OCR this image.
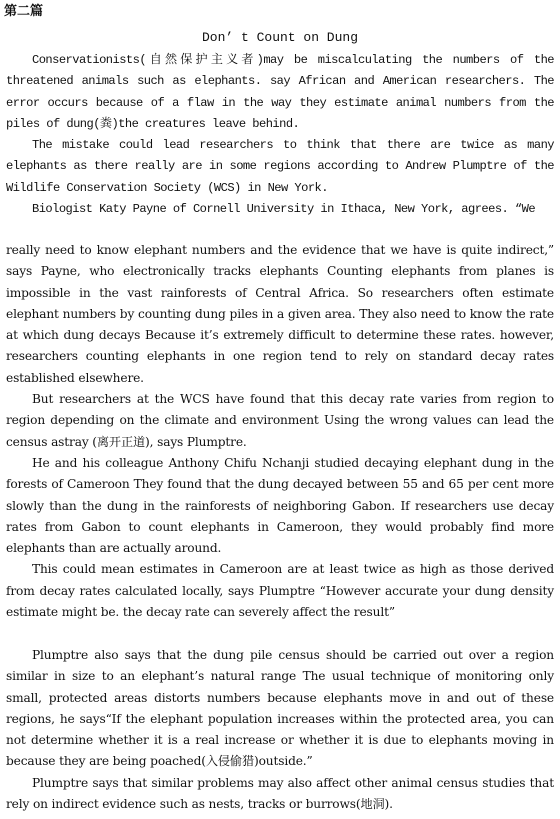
第二篇
Don’ t Count on Dung

Conservationists(自然保护主义者)may be miscalculating the numbers of the threatened animals such as elephants. say African and American researchers. The error occurs because of a flaw in the way they estimate animal numbers from the piles of dung(粪)the creatures leave behind.

The mistake could lead researchers to think that there are twice as many elephants as there really are in some regions according to Andrew Plumptre of the Wildlife Conservation Society (WCS) in New York.

Biologist Katy Payne of Cornell University in Ithaca, New York, agrees. “We

really need to know elephant numbers and the evidence that we have is quite indirect,” says Payne, who electronically tracks elephants Counting elephants from planes is impossible in the vast rainforests of Central Africa. So researchers often estimate elephant numbers by counting dung piles in a given area. They also need to know the rate at which dung decays Because it’s extremely difficult to determine these rates. however, researchers counting elephants in one region tend to rely on standard decay rates established elsewhere.

But researchers at the WCS have found that this decay rate varies from region to region depending on the climate and environment Using the wrong values can lead the census astray (离开正道), says Plumptre.

He and his colleague Anthony Chifu Nchanji studied decaying elephant dung in the forests of Cameroon They found that the dung decayed between 55 and 65 per cent more slowly than the dung in the rainforests of neighboring Gabon. If researchers use decay rates from Gabon to count elephants in Cameroon, they would probably find more elephants than are actually around.

This could mean estimates in Cameroon are at least twice as high as those derived from decay rates calculated locally, says Plumptre “However accurate your dung density estimate might be. the decay rate can severely affect the result”

Plumptre also says that the dung pile census should be carried out over a region similar in size to an elephant’s natural range The usual technique of monitoring only small, protected areas distorts numbers because elephants move in and out of these regions, he says“If the elephant population increases within the protected area, you can not determine whether it is a real increase or whether it is due to elephants moving in because they are being poached(入侵偷猎)outside.”

Plumptre says that similar problems may also affect other animal census studies that rely on indirect evidence such as nests, tracks or burrows(地洞).
